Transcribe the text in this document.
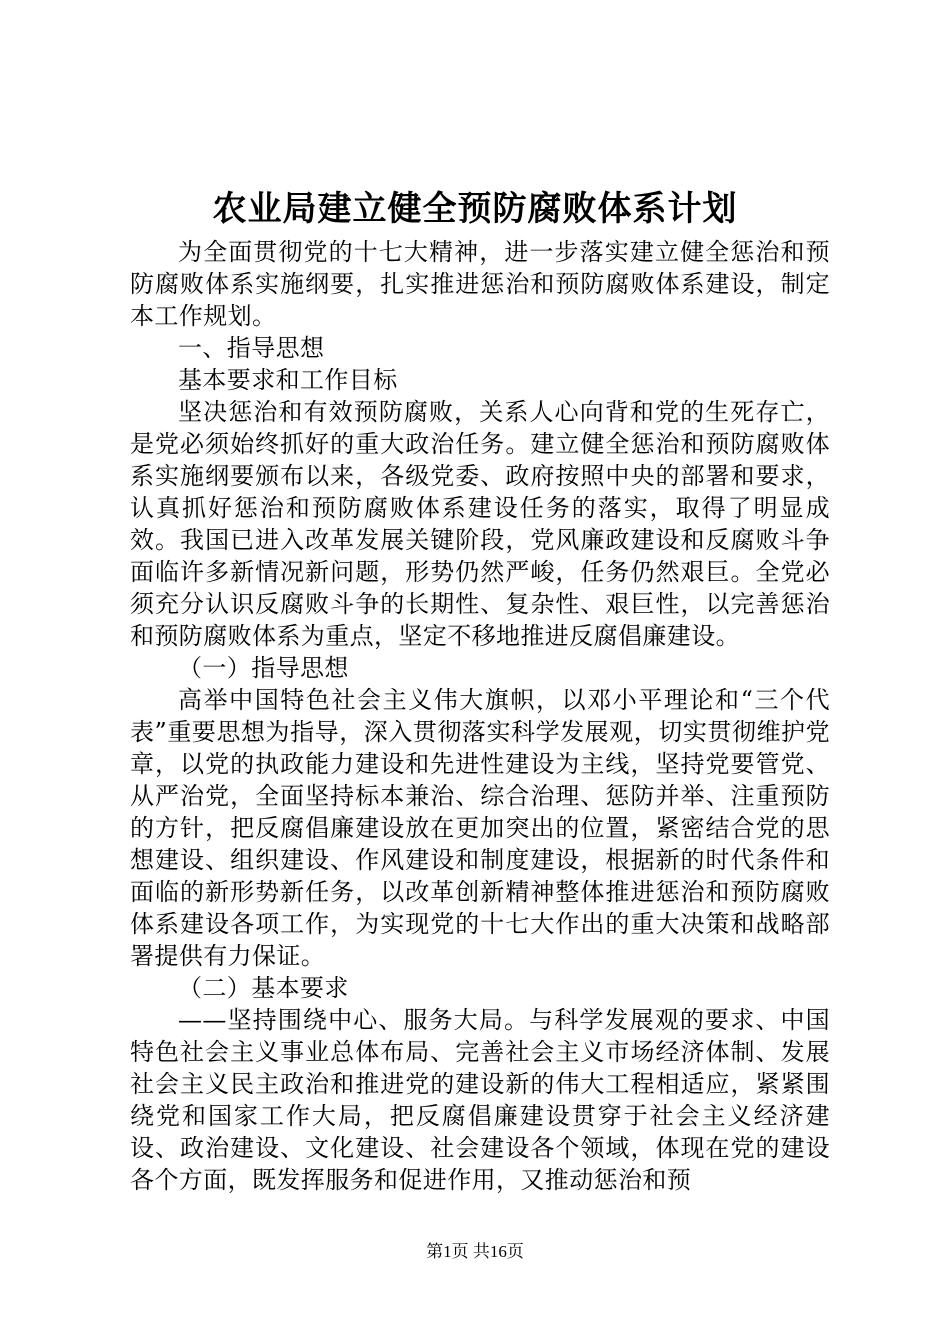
农业局建立健全预防腐败体系计划

为全面贯彻党的十七大精神，进一步落实建立健全惩治和预防腐败体系实施纲要，扎实推进惩治和预防腐败体系建设，制定本工作规划。

一、指导思想

基本要求和工作目标

坚决惩治和有效预防腐败，关系人心向背和党的生死存亡，是党必须始终抓好的重大政治任务。建立健全惩治和预防腐败体系实施纲要颁布以来，各级党委、政府按照中央的部署和要求，认真抓好惩治和预防腐败体系建设任务的落实，取得了明显成效。我国已进入改革发展关键阶段，党风廉政建设和反腐败斗争面临许多新情况新问题，形势仍然严峻，任务仍然艰巨。全党必须充分认识反腐败斗争的长期性、复杂性、艰巨性，以完善惩治和预防腐败体系为重点，坚定不移地推进反腐倡廉建设。

（一）指导思想

高举中国特色社会主义伟大旗帜，以邓小平理论和“三个代表”重要思想为指导，深入贯彻落实科学发展观，切实贯彻维护党章，以党的执政能力建设和先进性建设为主线，坚持党要管党、从严治党，全面坚持标本兼治、综合治理、惩防并举、注重预防的方针，把反腐倡廉建设放在更加突出的位置，紧密结合党的思想建设、组织建设、作风建设和制度建设，根据新的时代条件和面临的新形势新任务，以改革创新精神整体推进惩治和预防腐败体系建设各项工作，为实现党的十七大作出的重大决策和战略部署提供有力保证。

（二）基本要求

——坚持围绕中心、服务大局。与科学发展观的要求、中国特色社会主义事业总体布局、完善社会主义市场经济体制、发展社会主义民主政治和推进党的建设新的伟大工程相适应，紧紧围绕党和国家工作大局，把反腐倡廉建设贯穿于社会主义经济建设、政治建设、文化建设、社会建设各个领域，体现在党的建设各个方面，既发挥服务和促进作用，又推动惩治和预

第1页 共16页
